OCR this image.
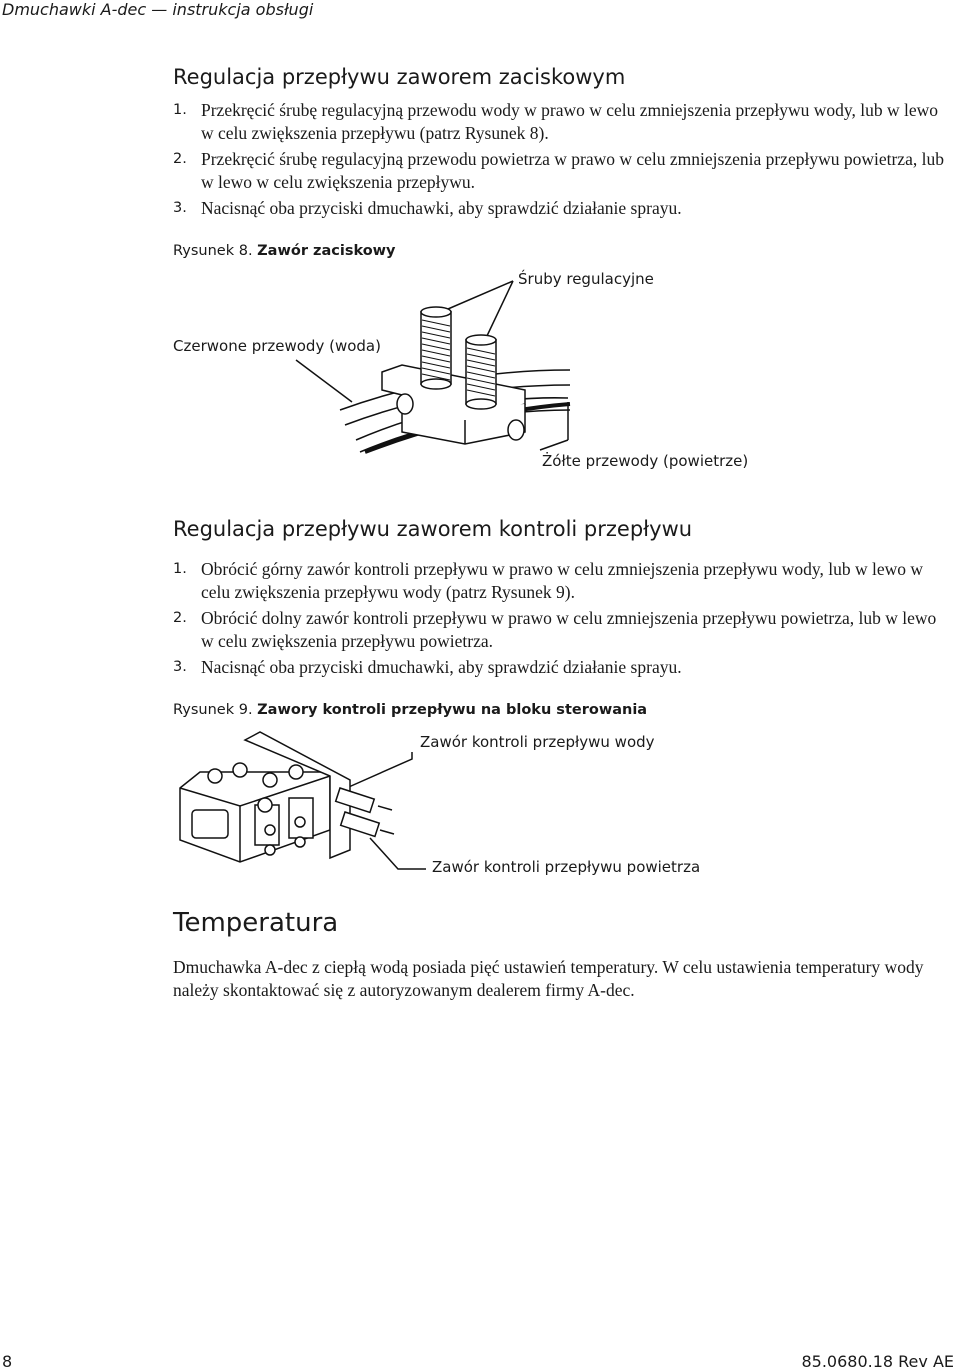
Dmuchawki A-dec — instrukcja obsługi
Regulacja przepływu zaworem zaciskowym
1. Przekręcić śrubę regulacyjną przewodu wody w prawo w celu zmniejszenia przepływu wody, lub w lewo w celu zwiększenia przepływu (patrz Rysunek 8).
2. Przekręcić śrubę regulacyjną przewodu powietrza w prawo w celu zmniejszenia przepływu powietrza, lub w lewo w celu zwiększenia przepływu.
3. Nacisnąć oba przyciski dmuchawki, aby sprawdzić działanie sprayu.
Rysunek 8. Zawór zaciskowy
Śruby regulacyjne
Czerwone przewody (woda)
Żółte przewody (powietrze)
Regulacja przepływu zaworem kontroli przepływu
1. Obrócić górny zawór kontroli przepływu w prawo w celu zmniejszenia przepływu wody, lub w lewo w celu zwiększenia przepływu wody (patrz Rysunek 9).
2. Obrócić dolny zawór kontroli przepływu w prawo w celu zmniejszenia przepływu powietrza, lub w lewo w celu zwiększenia przepływu powietrza.
3. Nacisnąć oba przyciski dmuchawki, aby sprawdzić działanie sprayu.
Rysunek 9. Zawory kontroli przepływu na bloku sterowania
Zawór kontroli przepływu wody
Zawór kontroli przepływu powietrza
Temperatura

Dmuchawka A-dec z ciepłą wodą posiada pięć ustawień temperatury. W celu ustawienia temperatury wody należy skontaktować się z autoryzowanym dealerem firmy A-dec.

8	85.0680.18 Rev AE
